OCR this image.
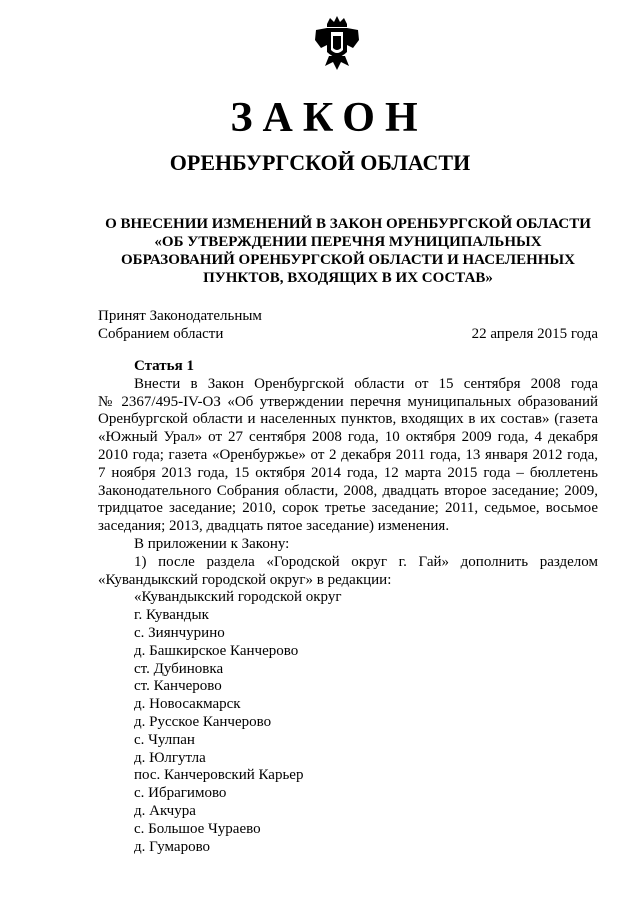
ЗАКОН
ОРЕНБУРГСКОЙ ОБЛАСТИ
О ВНЕСЕНИИ ИЗМЕНЕНИЙ В ЗАКОН ОРЕНБУРГСКОЙ ОБЛАСТИ
«ОБ УТВЕРЖДЕНИИ ПЕРЕЧНЯ МУНИЦИПАЛЬНЫХ
ОБРАЗОВАНИЙ ОРЕНБУРГСКОЙ ОБЛАСТИ И НАСЕЛЕННЫХ
ПУНКТОВ, ВХОДЯЩИХ В ИХ СОСТАВ»
Принят Законодательным
Собранием области	22 апреля 2015 года
Статья 1
Внести в Закон Оренбургской области от 15 сентября 2008 года
№ 2367/495-IV-ОЗ «Об утверждении перечня муниципальных образований
Оренбургской области и населенных пунктов, входящих в их состав» (газета
«Южный Урал» от 27 сентября 2008 года, 10 октября 2009 года, 4 декабря
2010 года; газета «Оренбуржье» от 2 декабря 2011 года, 13 января 2012 года,
7 ноября 2013 года, 15 октября 2014 года, 12 марта 2015 года – бюллетень
Законодательного Собрания области, 2008, двадцать второе заседание; 2009,
тридцатое заседание; 2010, сорок третье заседание; 2011, седьмое, восьмое
заседания; 2013, двадцать пятое заседание) изменения.
В приложении к Закону:
1) после раздела «Городской округ г. Гай» дополнить разделом
«Кувандыкский городской округ» в редакции:
«Кувандыкский городской округ
г. Кувандык
с. Зиянчурино
д. Башкирское Канчерово
ст. Дубиновка
ст. Канчерово
д. Новосакмарск
д. Русское Канчерово
с. Чулпан
д. Юлгутла
пос. Канчеровский Карьер
с. Ибрагимово
д. Акчура
с. Большое Чураево
д. Гумарово
